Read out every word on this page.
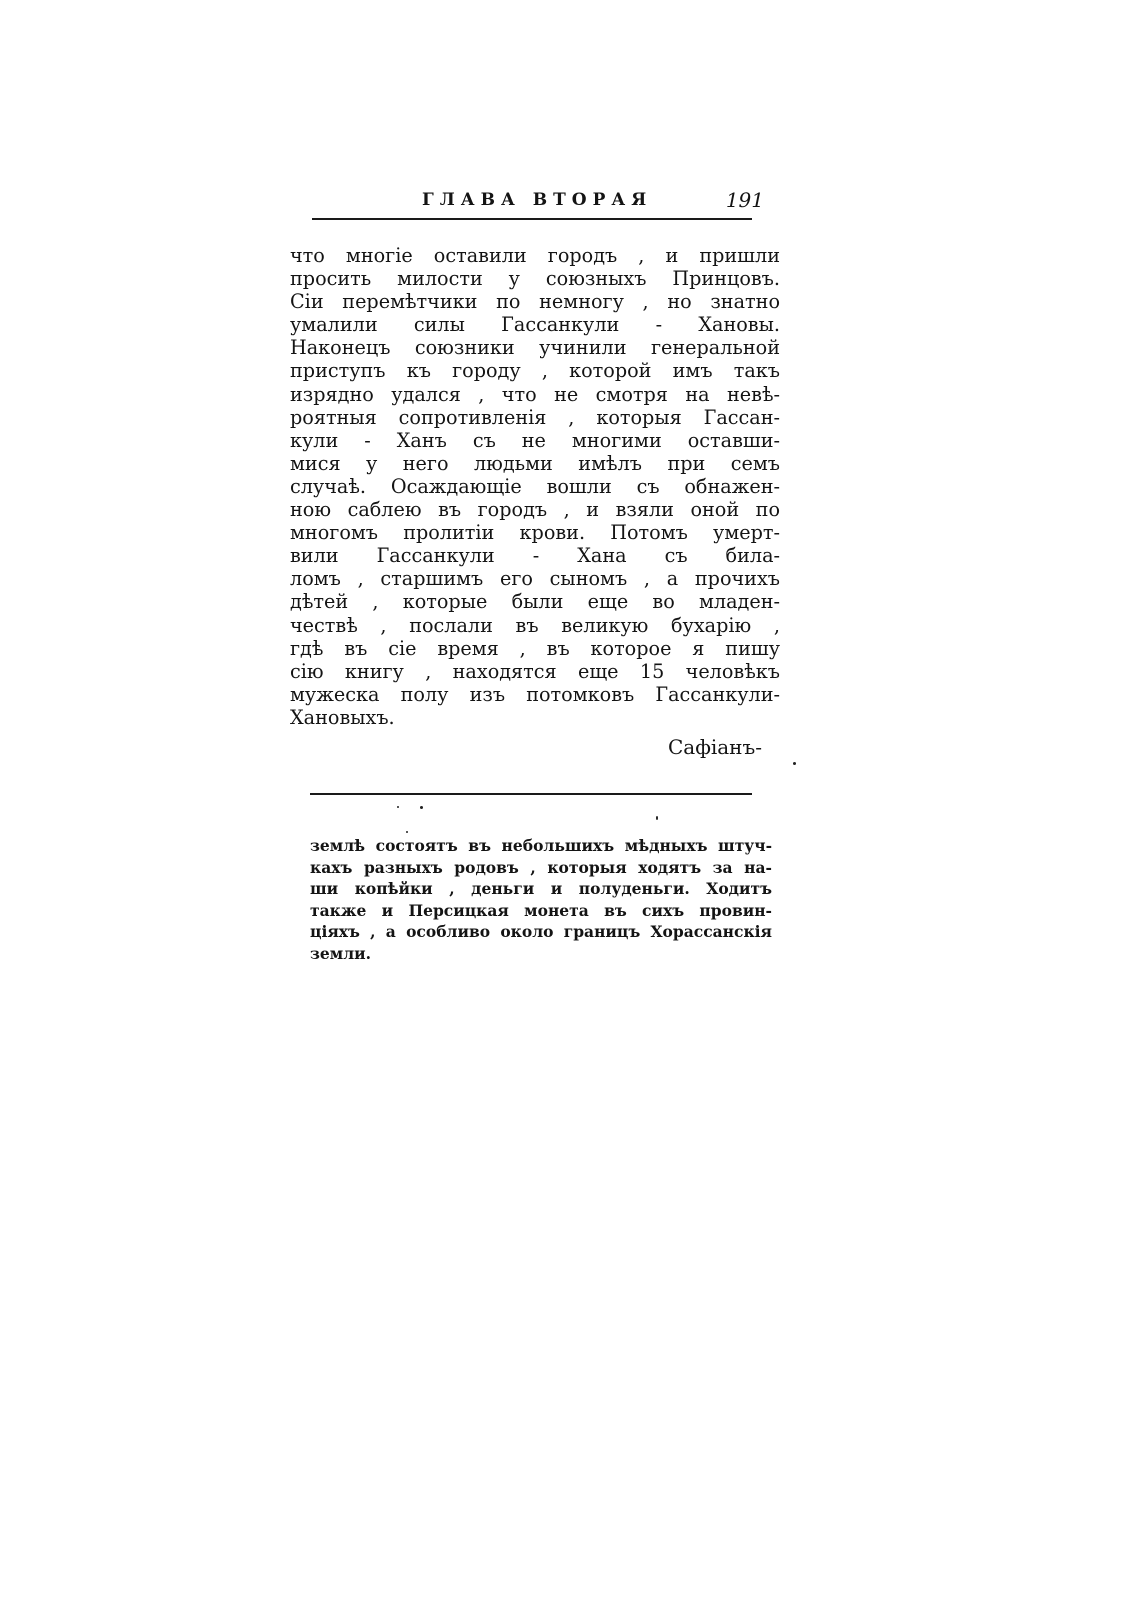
ГЛАВА ВТОРАЯ	191
что многіе оставили городъ , и пришли
просить милости у союзныхъ Принцовъ.
Сіи перемѣтчики по немногу , но знатно
умалили силы Гассанкули - Хановы.
Наконецъ союзники учинили генеральной
приступъ къ городу , которой имъ такъ
изрядно удался , что не смотря на невѣ-
роятныя сопротивленія , которыя Гассан-
кули - Ханъ съ не многими оставши-
мися у него людьми имѣлъ при семъ
случаѣ. Осаждающіе вошли съ обнажен-
ною саблею въ городъ , и взяли оной по
многомъ пролитіи крови. Потомъ умерт-
вили Гассанкули - Хана съ била-
ломъ , старшимъ его сыномъ , а прочихъ
дѣтей , которые были еще во младен-
чествѣ , послали въ великую бухарію ,
гдѣ въ сіе время , въ которое я пишу
сію книгу , находятся еще 15 человѣкъ
мужеска полу изъ потомковъ Гассанкули-
Хановыхъ.
Сафіанъ-
землѣ состоятъ въ небольшихъ мѣдныхъ штуч-
кахъ разныхъ родовъ , которыя ходятъ за на-
ши копѣйки , деньги и полуденьги. Ходитъ
также и Персицкая монета въ сихъ провин-
ціяхъ , а особливо около границъ Хорассанскія
земли.
